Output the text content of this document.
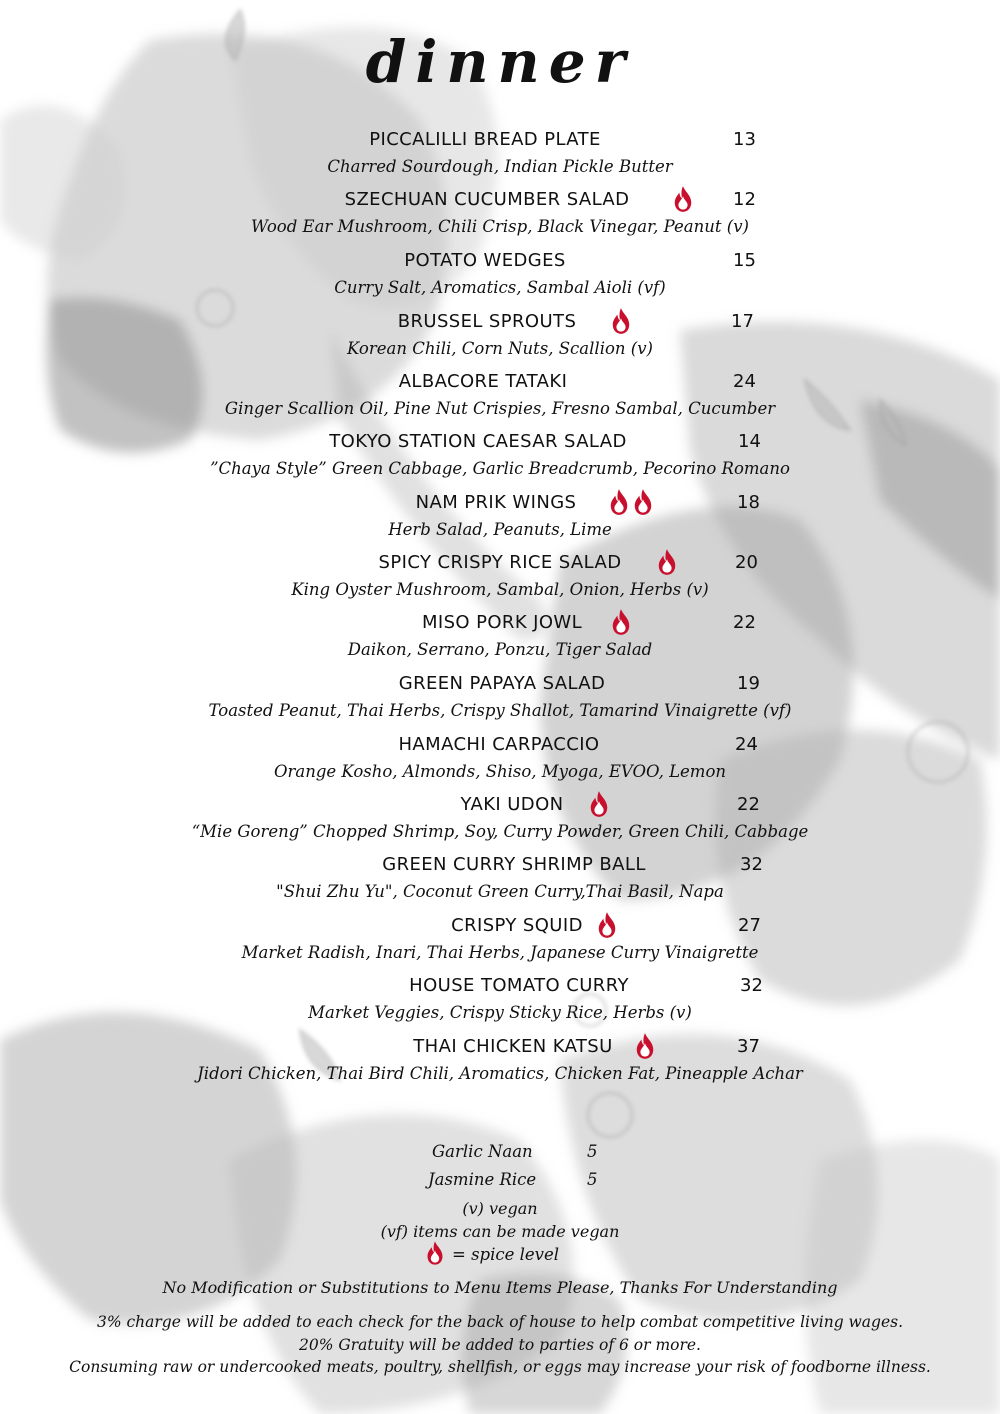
dinner
PICCALILLI BREAD PLATE	13
Charred Sourdough, Indian Pickle Butter
SZECHUAN CUCUMBER SALAD	12
Wood Ear Mushroom, Chili Crisp, Black Vinegar, Peanut (v)
POTATO WEDGES	15
Curry Salt, Aromatics, Sambal Aioli (vf)
BRUSSEL SPROUTS	17
Korean Chili, Corn Nuts, Scallion (v)
ALBACORE TATAKI	24
Ginger Scallion Oil, Pine Nut Crispies, Fresno Sambal, Cucumber
TOKYO STATION CAESAR SALAD	14
”Chaya Style” Green Cabbage, Garlic Breadcrumb, Pecorino Romano
NAM PRIK WINGS	18
Herb Salad, Peanuts, Lime
SPICY CRISPY RICE SALAD	20
King Oyster Mushroom, Sambal, Onion, Herbs (v)
MISO PORK JOWL	22
Daikon, Serrano, Ponzu, Tiger Salad
GREEN PAPAYA SALAD	19
Toasted Peanut, Thai Herbs, Crispy Shallot, Tamarind Vinaigrette (vf)
HAMACHI CARPACCIO	24
Orange Kosho, Almonds, Shiso, Myoga, EVOO, Lemon
YAKI UDON	22
“Mie Goreng” Chopped Shrimp, Soy, Curry Powder, Green Chili, Cabbage
GREEN CURRY SHRIMP BALL	32
"Shui Zhu Yu", Coconut Green Curry,Thai Basil, Napa
CRISPY SQUID	27
Market Radish, Inari, Thai Herbs, Japanese Curry Vinaigrette
HOUSE TOMATO CURRY	32
Market Veggies, Crispy Sticky Rice, Herbs (v)
THAI CHICKEN KATSU	37
Jidori Chicken, Thai Bird Chili, Aromatics, Chicken Fat, Pineapple Achar
Garlic Naan	5
Jasmine Rice	5
(v) vegan
(vf) items can be made vegan
= spice level
No Modification or Substitutions to Menu Items Please, Thanks For Understanding
3% charge will be added to each check for the back of house to help combat competitive living wages.
20% Gratuity will be added to parties of 6 or more.
Consuming raw or undercooked meats, poultry, shellfish, or eggs may increase your risk of foodborne illness.
